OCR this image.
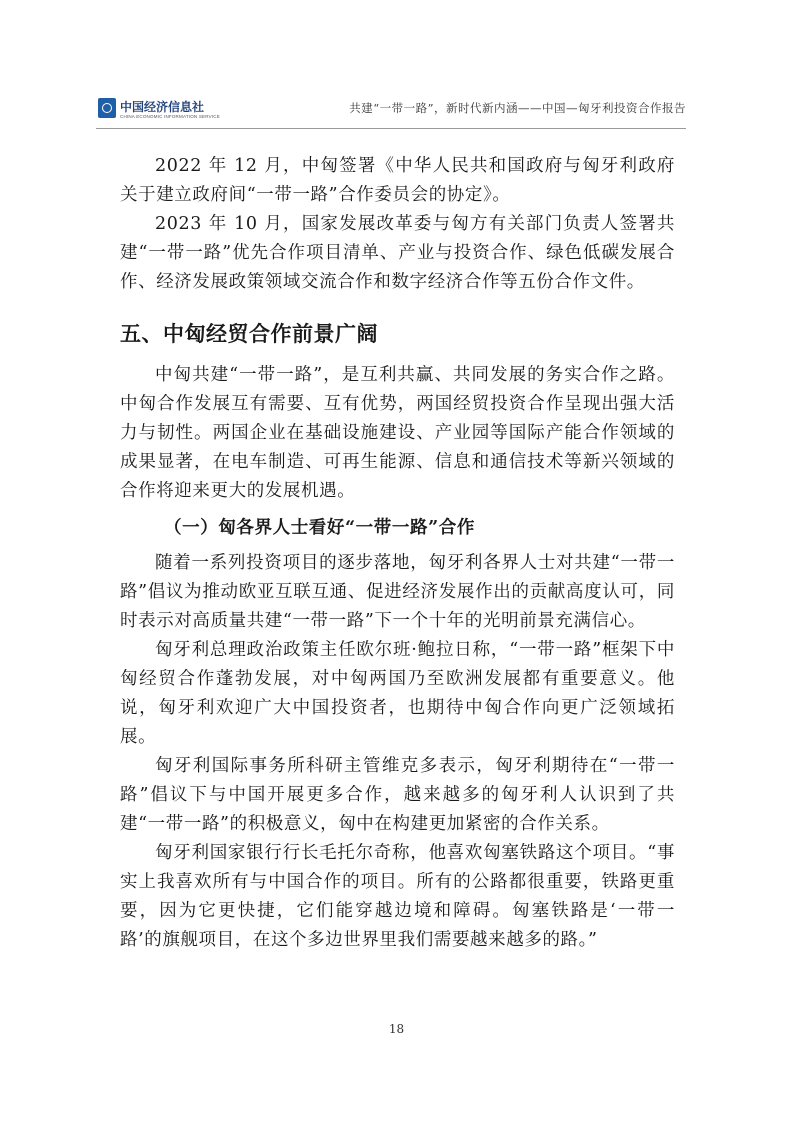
中国经济信息社
CHINA ECONOMIC INFORMATION SERVICE
共建“一带一路”，新时代新内涵——中国—匈牙利投资合作报告

2022 年 12 月，中匈签署《中华人民共和国政府与匈牙利政府关于建立政府间“一带一路”合作委员会的协定》。

2023 年 10 月，国家发展改革委与匈方有关部门负责人签署共建“一带一路”优先合作项目清单、产业与投资合作、绿色低碳发展合作、经济发展政策领域交流合作和数字经济合作等五份合作文件。

五、中匈经贸合作前景广阔

中匈共建“一带一路”，是互利共赢、共同发展的务实合作之路。中匈合作发展互有需要、互有优势，两国经贸投资合作呈现出强大活力与韧性。两国企业在基础设施建设、产业园等国际产能合作领域的成果显著，在电车制造、可再生能源、信息和通信技术等新兴领域的合作将迎来更大的发展机遇。

（一）匈各界人士看好“一带一路”合作

随着一系列投资项目的逐步落地，匈牙利各界人士对共建“一带一路”倡议为推动欧亚互联互通、促进经济发展作出的贡献高度认可，同时表示对高质量共建“一带一路”下一个十年的光明前景充满信心。

匈牙利总理政治政策主任欧尔班·鲍拉日称，“一带一路”框架下中匈经贸合作蓬勃发展，对中匈两国乃至欧洲发展都有重要意义。他说，匈牙利欢迎广大中国投资者，也期待中匈合作向更广泛领域拓展。

匈牙利国际事务所科研主管维克多表示，匈牙利期待在“一带一路”倡议下与中国开展更多合作，越来越多的匈牙利人认识到了共建“一带一路”的积极意义，匈中在构建更加紧密的合作关系。

匈牙利国家银行行长毛托尔奇称，他喜欢匈塞铁路这个项目。“事实上我喜欢所有与中国合作的项目。所有的公路都很重要，铁路更重要，因为它更快捷，它们能穿越边境和障碍。匈塞铁路是‘一带一路’的旗舰项目，在这个多边世界里我们需要越来越多的路。”

18
